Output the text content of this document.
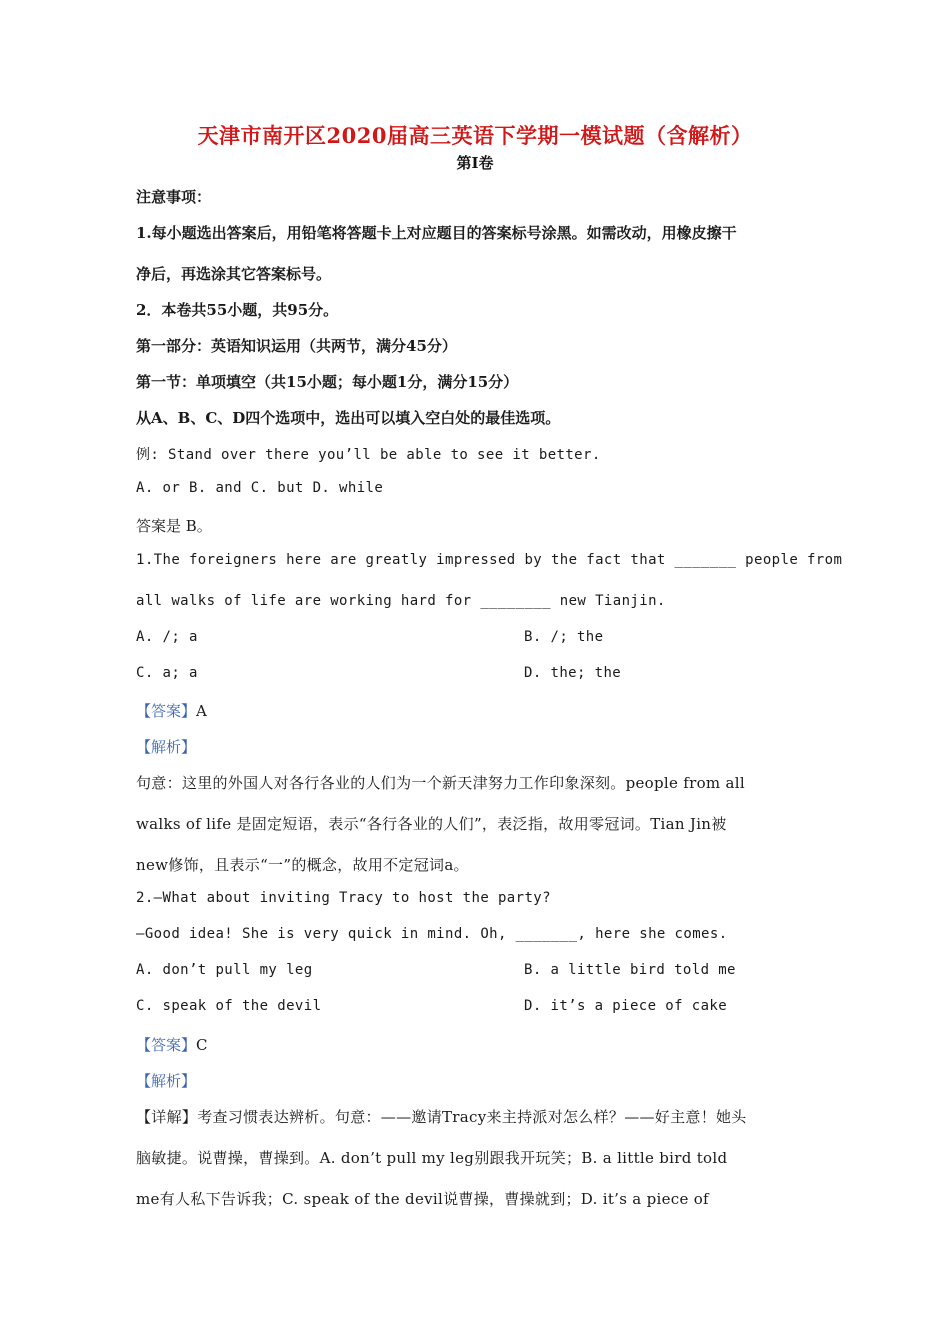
天津市南开区2020届高三英语下学期一模试题（含解析）
第Ⅰ卷
注意事项：
1.每小题选出答案后，用铅笔将答题卡上对应题目的答案标号涂黑。如需改动，用橡皮擦干
净后，再选涂其它答案标号。
2．本卷共55小题，共95分。
第一部分：英语知识运用（共两节，满分45分）
第一节：单项填空（共15小题；每小题1分，满分15分）
从A、B、C、D四个选项中，选出可以填入空白处的最佳选项。
例: Stand over there you’ll be able to see it better.
A. or B. and C. but D. while
答案是 B。
1.The foreigners here are greatly impressed by the fact that _______ people from
all walks of life are working hard for ________ new Tianjin.
A. /; a	B. /; the
C. a; a	D. the; the
【答案】A
【解析】
句意：这里的外国人对各行各业的人们为一个新天津努力工作印象深刻。people from all
walks of life 是固定短语，表示“各行各业的人们”，表泛指，故用零冠词。Tian Jin被
new修饰，且表示“一”的概念，故用不定冠词a。
2.—What about inviting Tracy to host the party?
—Good idea! She is very quick in mind. Oh, _______, here she comes.
A. don’t pull my leg	B. a little bird told me
C. speak of the devil	D. it’s a piece of cake
【答案】C
【解析】
【详解】考查习惯表达辨析。句意：——邀请Tracy来主持派对怎么样？——好主意！她头
脑敏捷。说曹操，曹操到。A. don’t pull my leg别跟我开玩笑；B. a little bird told
me有人私下告诉我；C. speak of the devil说曹操，曹操就到；D. it’s a piece of
